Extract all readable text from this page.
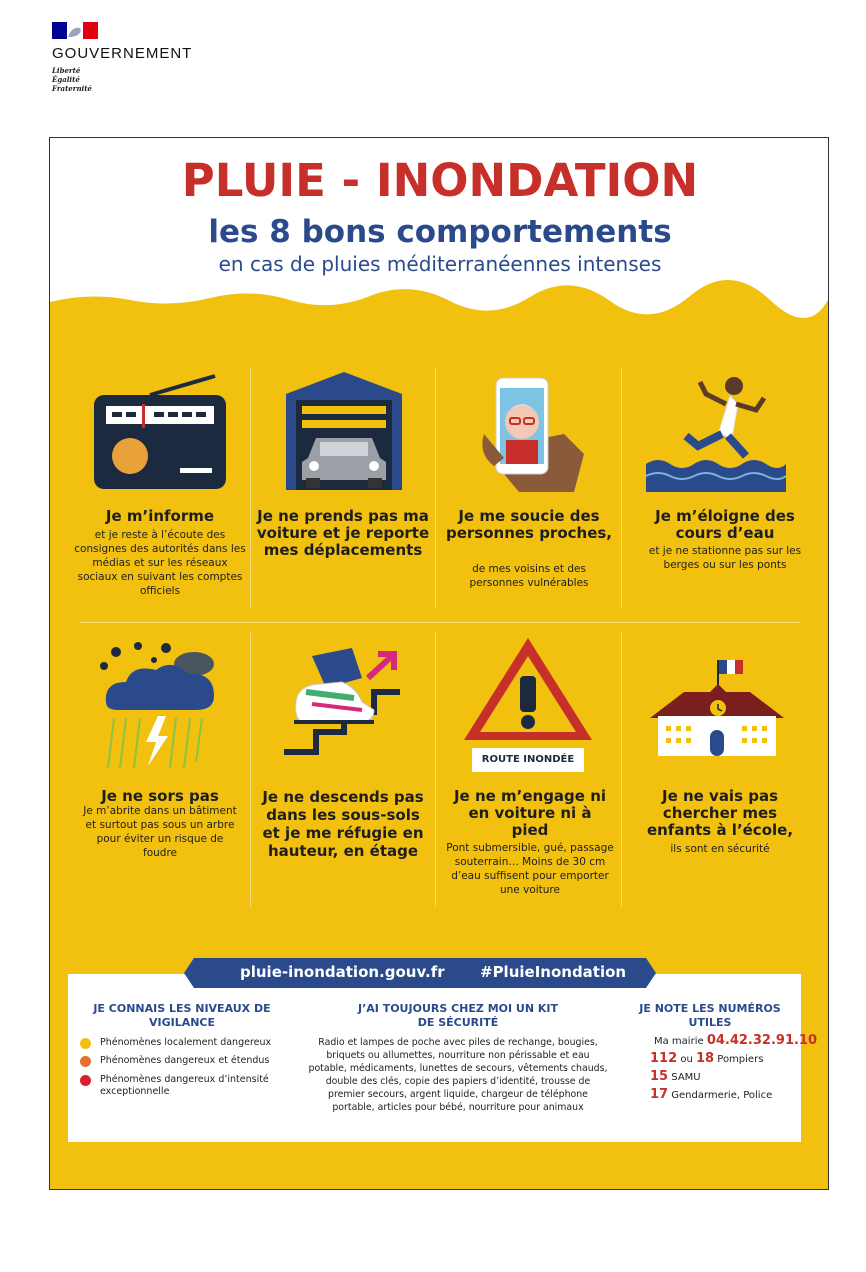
GOUVERNEMENT
Liberté
Égalité
Fraternité
PLUIE - INONDATION
les 8 bons comportements
en cas de pluies méditerranéennes intenses
Je m’informe
et je reste à l’écoute des consignes des autorités dans les médias et sur les réseaux sociaux en suivant les comptes officiels
Je ne prends pas ma voiture et je reporte mes déplacements
Je me soucie des personnes proches,
de mes voisins et des personnes vulnérables
Je m’éloigne des cours d’eau
et je ne stationne pas sur les berges ou sur les ponts
ROUTE INONDÉE
Je ne sors pas
Je m’abrite dans un bâtiment et surtout pas sous un arbre pour éviter un risque de foudre
Je ne descends pas dans les sous-sols et je me réfugie en hauteur, en étage
Je ne m’engage ni en voiture ni à pied
Pont submersible, gué, passage souterrain… Moins de 30 cm d’eau suffisent pour emporter une voiture
Je ne vais pas chercher mes enfants à l’école,
ils sont en sécurité
pluie-inondation.gouv.fr #PluieInondation
JE CONNAIS LES NIVEAUX DE VIGILANCE
Phénomènes localement dangereux
Phénomènes dangereux et étendus
Phénomènes dangereux d’intensité exceptionnelle
J’AI TOUJOURS CHEZ MOI UN KIT DE SÉCURITÉ
Radio et lampes de poche avec piles de rechange, bougies, briquets ou allumettes, nourriture non périssable et eau potable, médicaments, lunettes de secours, vêtements chauds, double des clés, copie des papiers d’identité, trousse de premier secours, argent liquide, chargeur de téléphone portable, articles pour bébé, nourriture pour animaux
JE NOTE LES NUMÉROS UTILES
Ma mairie 04.42.32.91.10
112 ou 18 Pompiers
15 SAMU
17 Gendarmerie, Police
